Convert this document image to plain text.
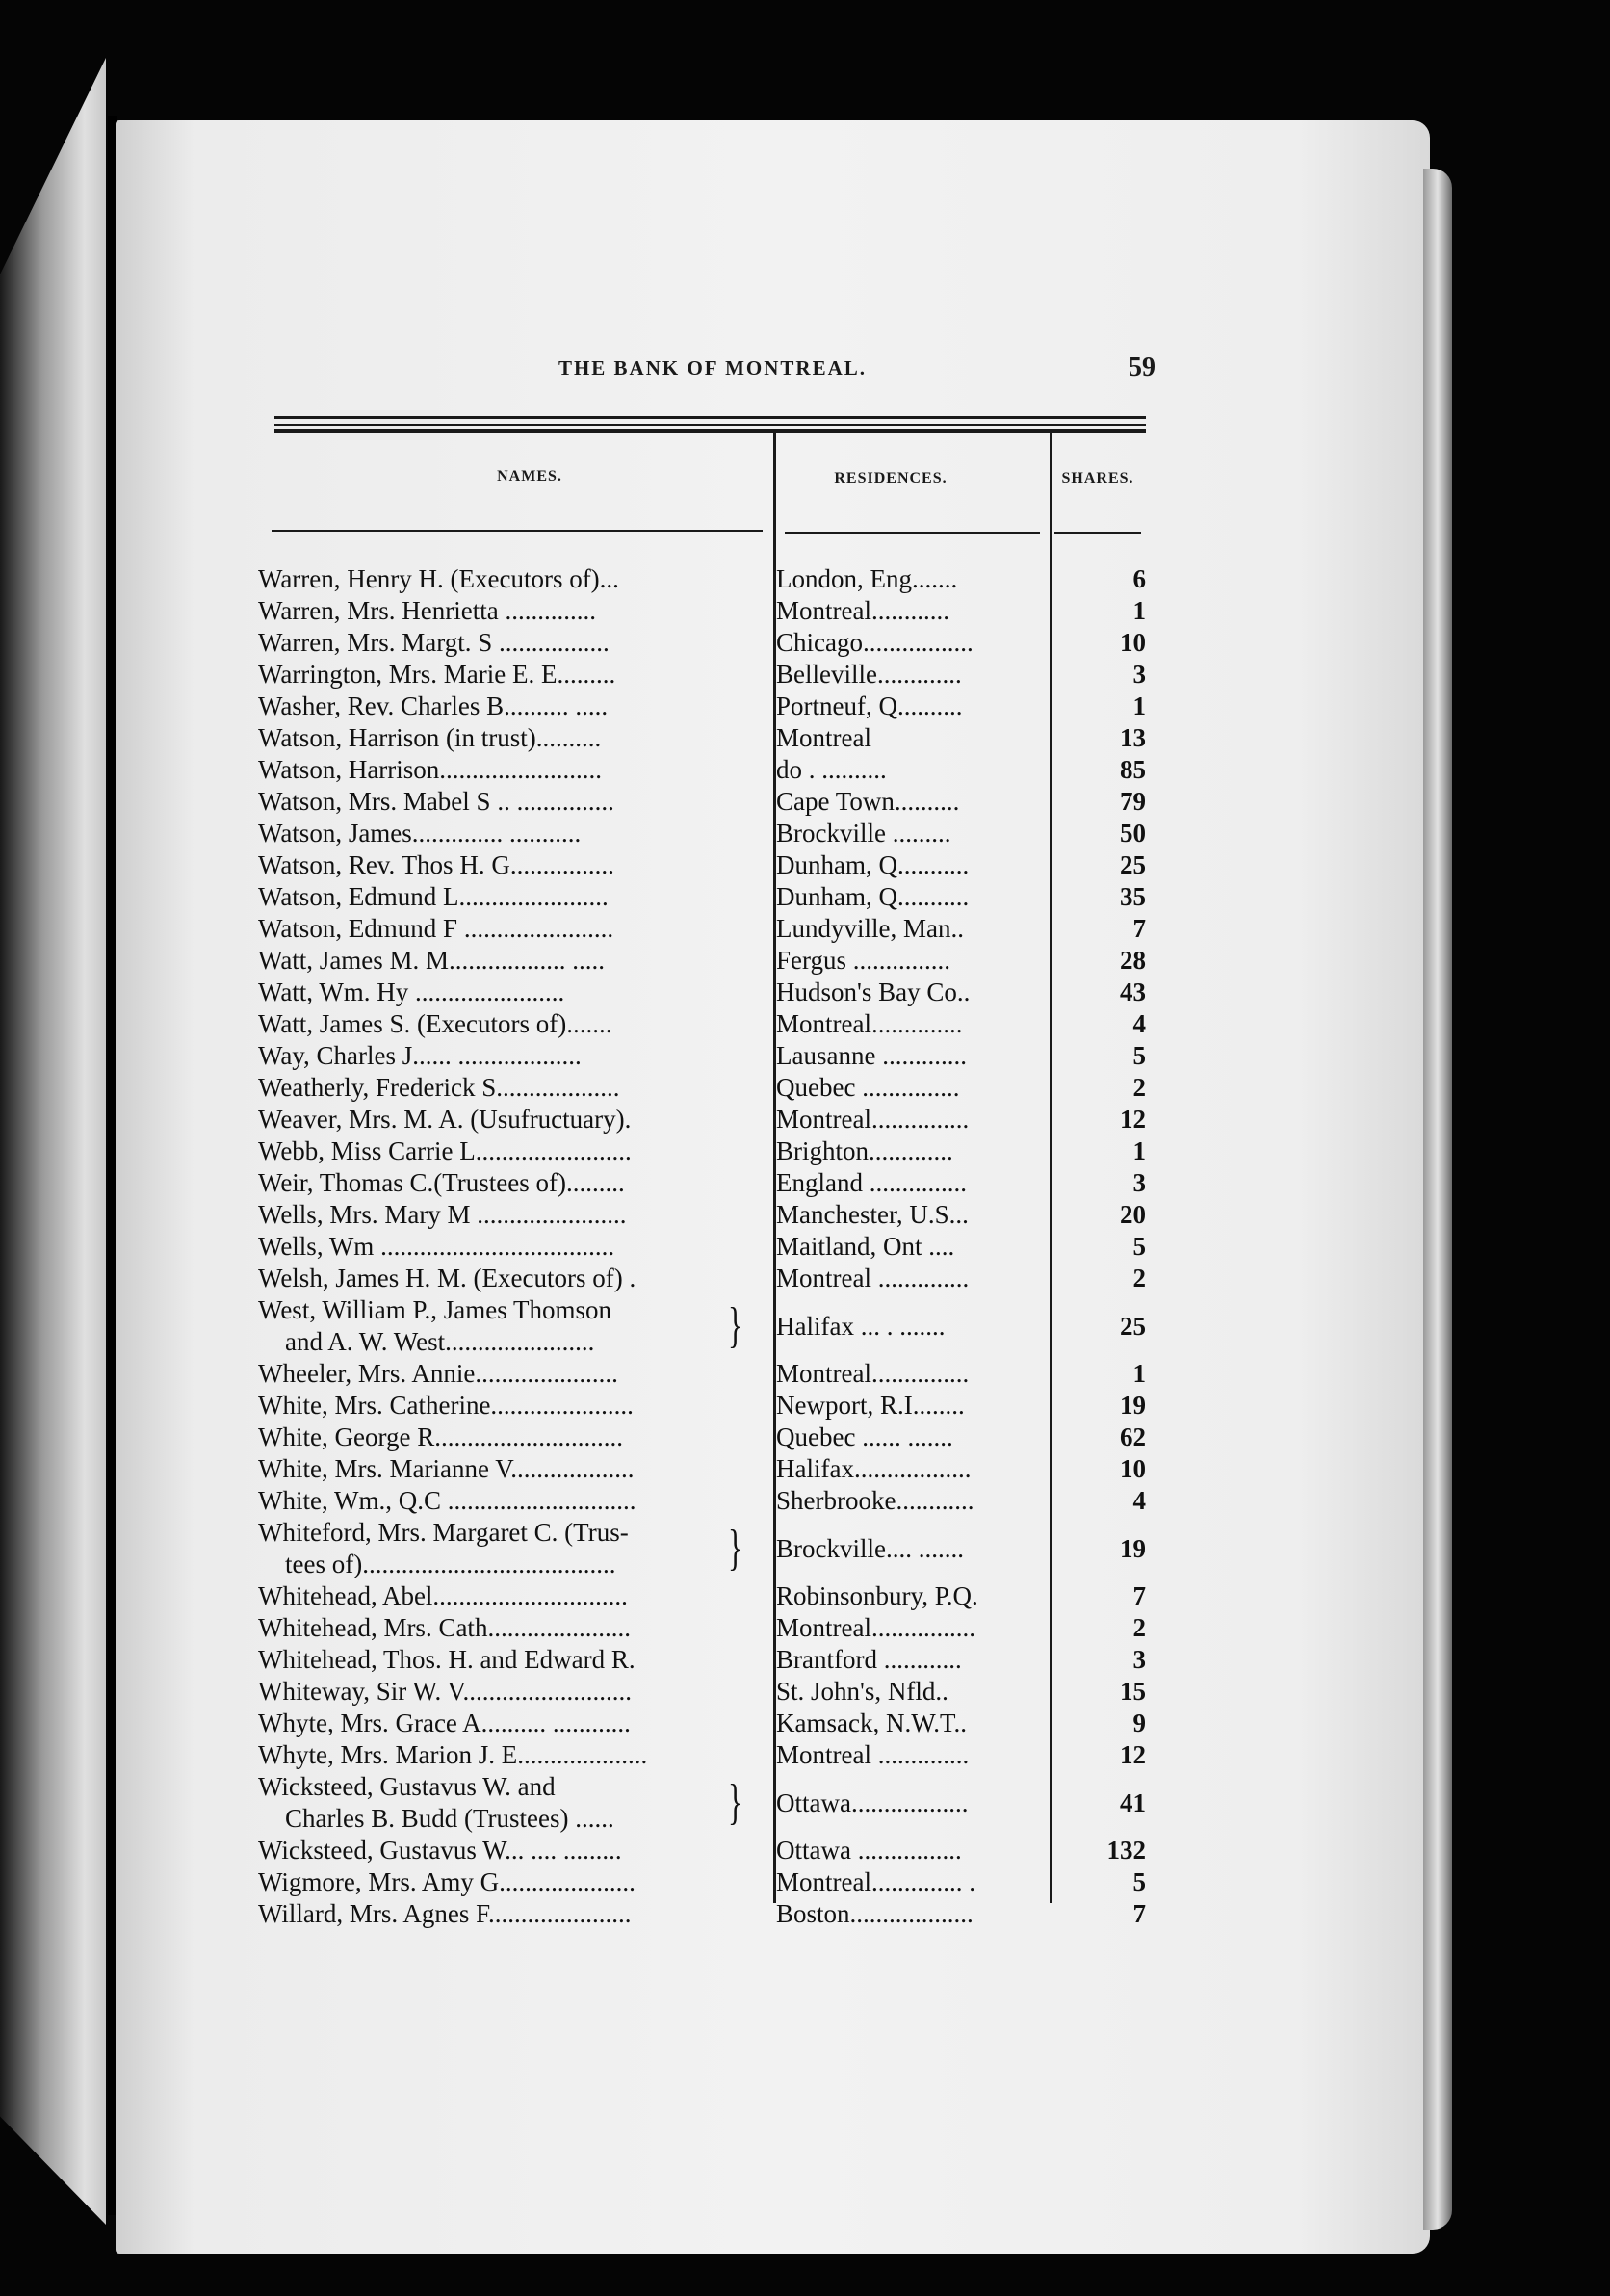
THE BANK OF MONTREAL.	59
NAMES.	RESIDENCES.	SHARES.
Warren, Henry H. (Executors of)...	London, Eng.......	6
Warren, Mrs. Henrietta ..............	Montreal............	1
Warren, Mrs. Margt. S .................	Chicago.................	10
Warrington, Mrs. Marie E. E.........	Belleville.............	3
Washer, Rev. Charles B.......... .....	Portneuf, Q..........	1
Watson, Harrison (in trust)..........	Montreal	13
Watson, Harrison.........................	do . ..........	85
Watson, Mrs. Mabel S .. ...............	Cape Town..........	79
Watson, James.............. ...........	Brockville .........	50
Watson, Rev. Thos H. G................	Dunham, Q...........	25
Watson, Edmund L.......................	Dunham, Q...........	35
Watson, Edmund F .......................	Lundyville, Man..	7
Watt, James M. M.................. .....	Fergus ...............	28
Watt, Wm. Hy .......................	Hudson's Bay Co..	43
Watt, James S. (Executors of).......	Montreal..............	4
Way, Charles J...... ...................	Lausanne .............	5
Weatherly, Frederick S...................	Quebec ...............	2
Weaver, Mrs. M. A. (Usufructuary).	Montreal...............	12
Webb, Miss Carrie L........................	Brighton.............	1
Weir, Thomas C.(Trustees of).........	England ...............	3
Wells, Mrs. Mary M .......................	Manchester, U.S...	20
Wells, Wm ....................................	Maitland, Ont ....	5
Welsh, James H. M. (Executors of) .	Montreal ..............	2
West, William P., James Thomson
and A. W. West.......................	}	Halifax ... . .......	25
Wheeler, Mrs. Annie......................	Montreal...............	1
White, Mrs. Catherine......................	Newport, R.I........	19
White, George R.............................	Quebec ...... .......	62
White, Mrs. Marianne V...................	Halifax..................	10
White, Wm., Q.C .............................	Sherbrooke............	4
Whiteford, Mrs. Margaret C. (Trus-
tees of).......................................	}	Brockville.... .......	19
Whitehead, Abel..............................	Robinsonbury, P.Q.	7
Whitehead, Mrs. Cath......................	Montreal................	2
Whitehead, Thos. H. and Edward R.	Brantford ............	3
Whiteway, Sir W. V..........................	St. John's, Nfld..	15
Whyte, Mrs. Grace A.......... ............	Kamsack, N.W.T..	9
Whyte, Mrs. Marion J. E....................	Montreal ..............	12
Wicksteed, Gustavus W. and
Charles B. Budd (Trustees) ......	}	Ottawa..................	41
Wicksteed, Gustavus W... .... .........	Ottawa ................	132
Wigmore, Mrs. Amy G.....................	Montreal.............. .	5
Willard, Mrs. Agnes F......................	Boston...................	7
